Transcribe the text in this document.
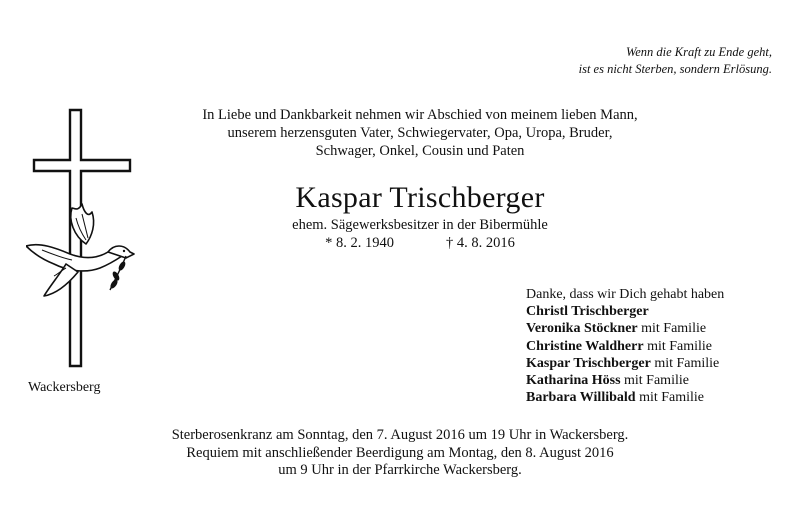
Wenn die Kraft zu Ende geht,
ist es nicht Sterben, sondern Erlösung.
In Liebe und Dankbarkeit nehmen wir Abschied von meinem lieben Mann,
unserem herzensguten Vater, Schwiegervater, Opa, Uropa, Bruder,
Schwager, Onkel, Cousin und Paten
Kaspar Trischberger
ehem. Sägewerksbesitzer in der Bibermühle
* 8. 2. 1940	† 4. 8. 2016
Danke, dass wir Dich gehabt haben
Christl Trischberger
Veronika Stöckner mit Familie
Christine Waldherr mit Familie
Kaspar Trischberger mit Familie
Katharina Höss mit Familie
Barbara Willibald mit Familie
Wackersberg
Sterberosenkranz am Sonntag, den 7. August 2016 um 19 Uhr in Wackersberg.
Requiem mit anschließender Beerdigung am Montag, den 8. August 2016
um 9 Uhr in der Pfarrkirche Wackersberg.
